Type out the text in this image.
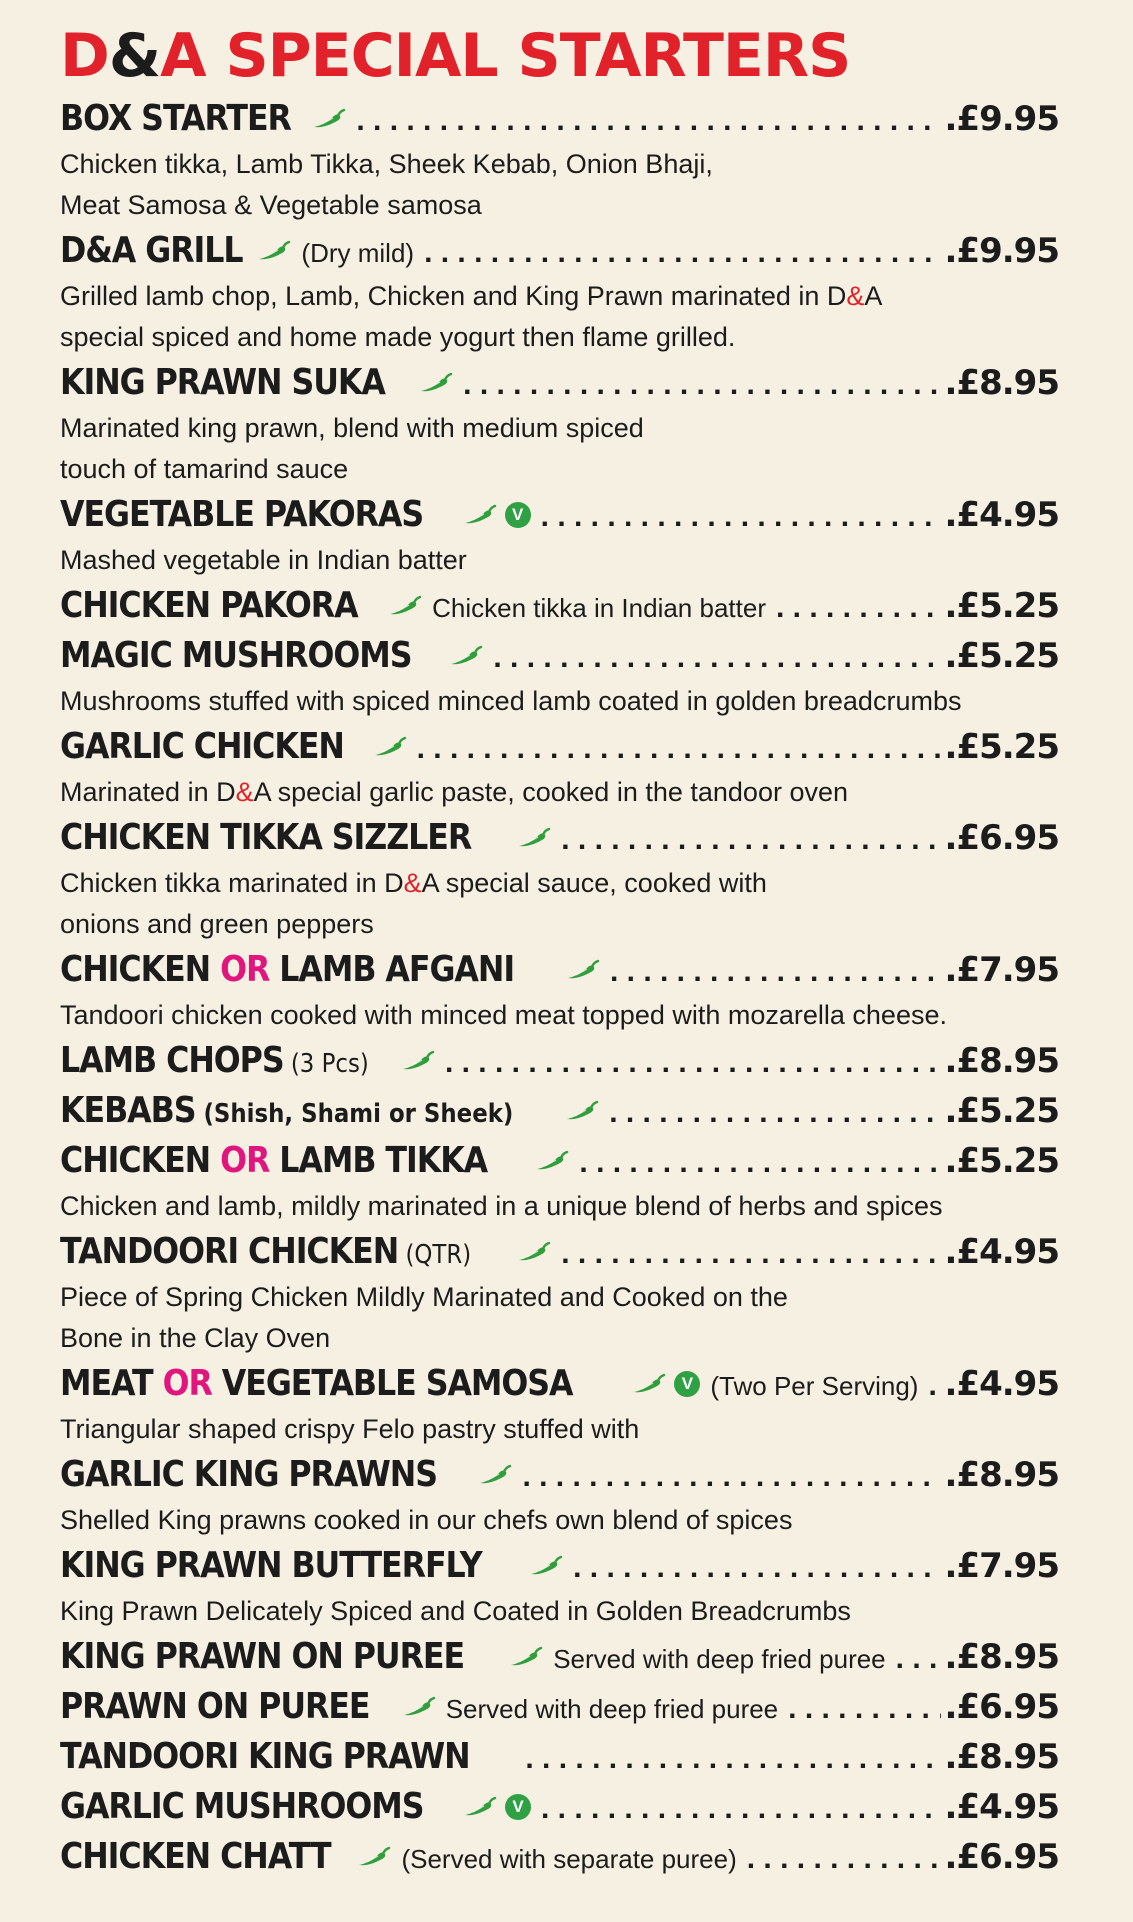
D&A SPECIAL STARTERS
BOX STARTER . . .	.£9.95
Chicken tikka, Lamb Tikka, Sheek Kebab, Onion Bhaji,
Meat Samosa & Vegetable samosa
D&A GRILL (Dry mild) . . .	.£9.95
Grilled lamb chop, Lamb, Chicken and King Prawn marinated in D&A
special spiced and home made yogurt then flame grilled.
KING PRAWN SUKA . . .	.£8.95
Marinated king prawn, blend with medium spiced
touch of tamarind sauce
VEGETABLE PAKORAS	V . . .	.£4.95
Mashed vegetable in Indian batter
CHICKEN PAKORA	Chicken tikka in Indian batter . . .	.£5.25
MAGIC MUSHROOMS . . .	.£5.25
Mushrooms stuffed with spiced minced lamb coated in golden breadcrumbs
GARLIC CHICKEN . . .	.£5.25
Marinated in D&A special garlic paste, cooked in the tandoor oven
CHICKEN TIKKA SIZZLER . . .	.£6.95
Chicken tikka marinated in D&A special sauce, cooked with
onions and green peppers
CHICKEN OR LAMB AFGANI . . .	.£7.95
Tandoori chicken cooked with minced meat topped with mozarella cheese.
LAMB CHOPS (3 Pcs) . . .	.£8.95
KEBABS (Shish, Shami or Sheek) . . .	.£5.25
CHICKEN OR LAMB TIKKA . . .	.£5.25
Chicken and lamb, mildly marinated in a unique blend of herbs and spices
TANDOORI CHICKEN (QTR) . . .	.£4.95
Piece of Spring Chicken Mildly Marinated and Cooked on the
Bone in the Clay Oven
MEAT OR VEGETABLE SAMOSA	V (Two Per Serving) . . . .£4.95
Triangular shaped crispy Felo pastry stuffed with
GARLIC KING PRAWNS . . .	.£8.95
Shelled King prawns cooked in our chefs own blend of spices
KING PRAWN BUTTERFLY . . .	.£7.95
King Prawn Delicately Spiced and Coated in Golden Breadcrumbs
KING PRAWN ON PUREE	Served with deep fried puree . . . .£8.95
PRAWN ON PUREE	Served with deep fried puree . . .	.£6.95
TANDOORI KING PRAWN . . .	.£8.95
GARLIC MUSHROOMS	V . . .	.£4.95
CHICKEN CHATT	(Served with separate puree) . . .	.£6.95
